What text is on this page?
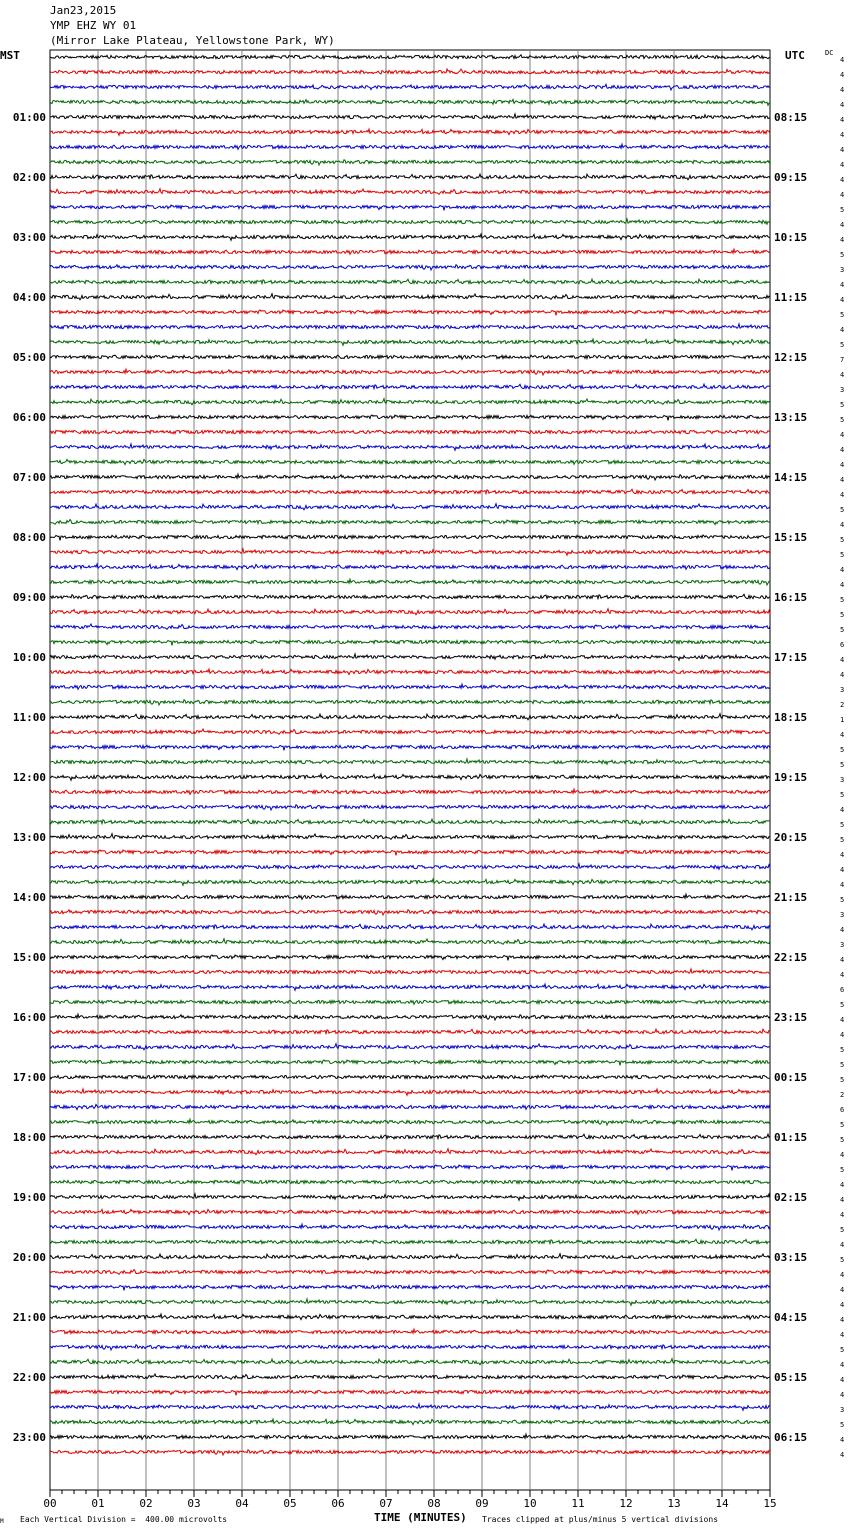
Jan23,2015
YMP EHZ WY 01
(Mirror Lake Plateau, Yellowstone Park, WY)
MST	UTC	DC
01:00
02:00
03:00
04:00
05:00
06:00
07:00
08:00
09:00
10:00
11:00
12:00
13:00
14:00
15:00
16:00
17:00
18:00
19:00
20:00
21:00
22:00
23:00
08:15
09:15
10:15
11:15
12:15
13:15
14:15
15:15
16:15
17:15
18:15
19:15
20:15
21:15
22:15
23:15
00:15
01:15
02:15
03:15
04:15
05:15
06:15
4
4
4
4
4
4
4
4
4
4
5
4
4
5
3
4
4
5
4
5
7
4
3
5
5
4
4
4
4
4
5
4
5
5
4
4
5
5
5
6
4
4
3
2
1
4
5
5
3
5
4
5
5
4
4
4
5
3
4
3
4
4
6
5
4
4
5
5
5
2
6
5
5
4
5
4
4
4
5
4
5
4
4
4
4
4
5
4
4
4
3
5
4
4
00	01	02	03	04	05	06	07	08	09	10	11	12	13	14	15
TIME (MINUTES)
M Each Vertical Division =  400.00 microvolts	Traces clipped at plus/minus 5 vertical divisions
